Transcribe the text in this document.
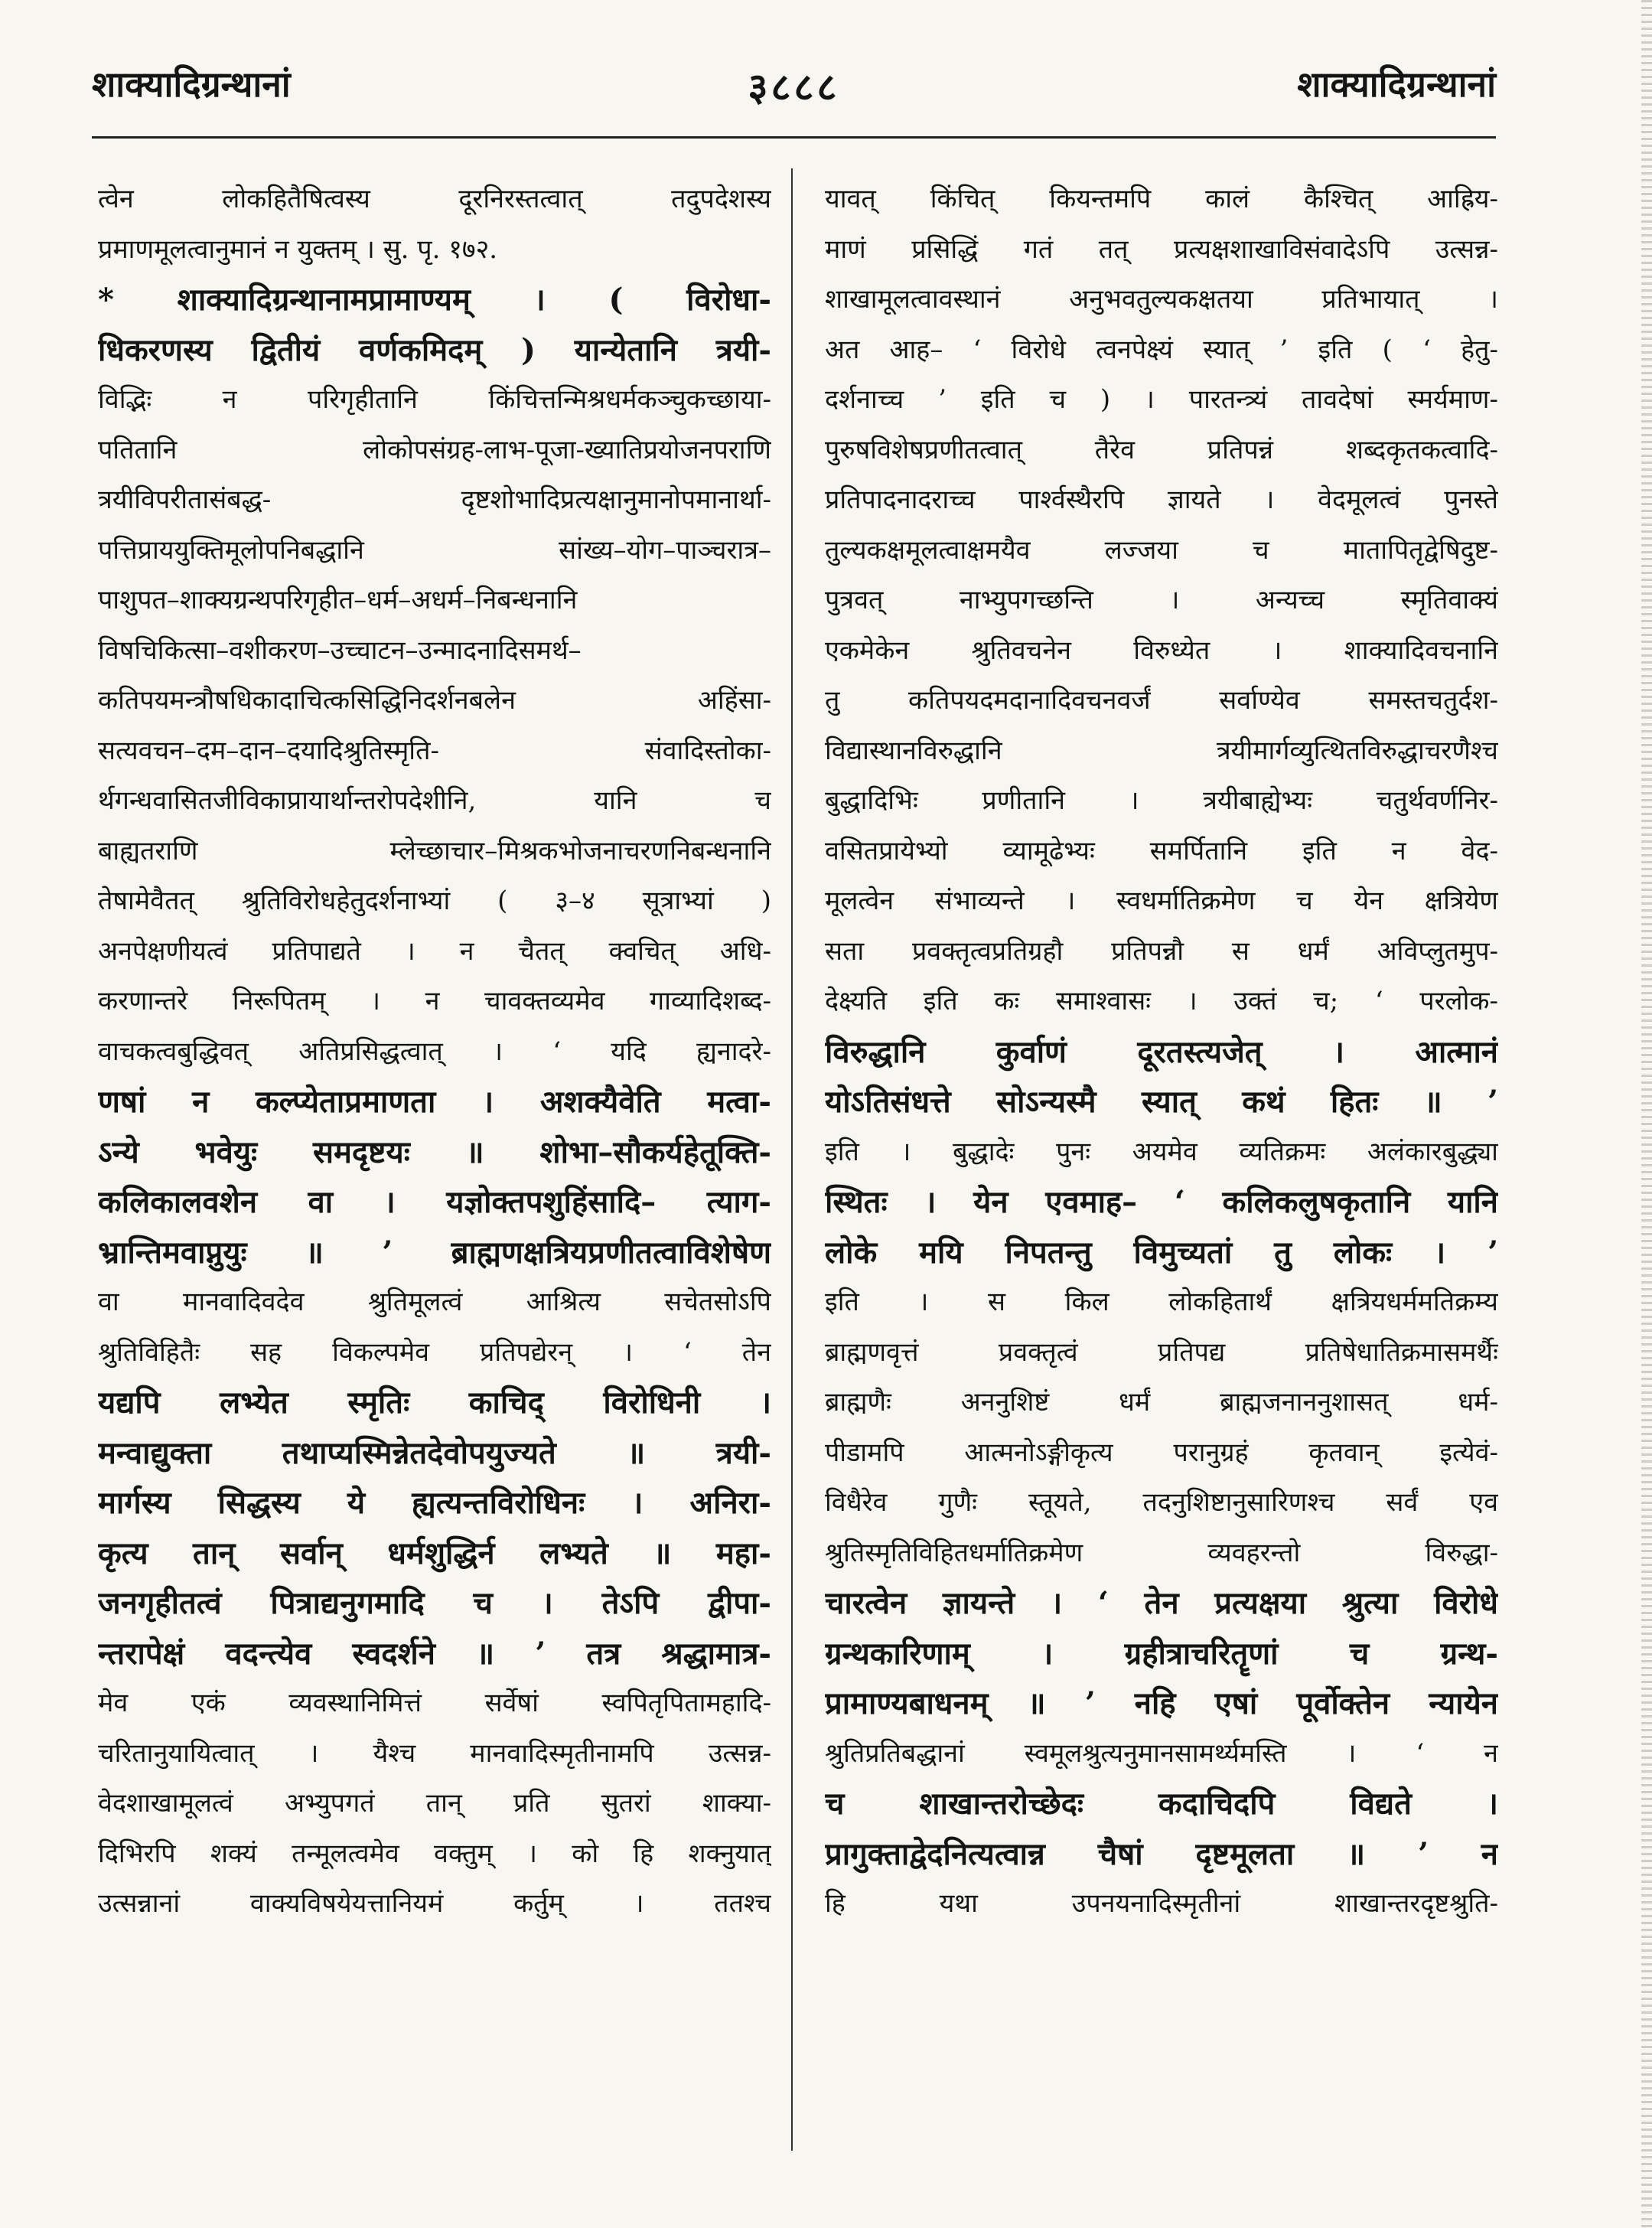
शाक्यादिग्रन्थानां	३८८८	शाक्यादिग्रन्थानां
त्वेन लोकहितैषित्वस्य दूरनिरस्तत्वात् तदुपदेशस्य
प्रमाणमूलत्वानुमानं न युक्तम् । सु. पृ. १७२.
* शाक्यादिग्रन्थानामप्रामाण्यम् । ( विरोधा-
धिकरणस्य द्वितीयं वर्णकमिदम् ) यान्येतानि त्रयी-
विद्भिः न परिगृहीतानि किंचित्तन्मिश्रधर्मकञ्चुकच्छाया-
पतितानि लोकोपसंग्रह-लाभ-पूजा-ख्यातिप्रयोजनपराणि
त्रयीविपरीतासंबद्ध- दृष्टशोभादिप्रत्यक्षानुमानोपमानार्था-
पत्तिप्राययुक्तिमूलोपनिबद्धानि सांख्य–योग–पाञ्चरात्र–
पाशुपत–शाक्यग्रन्थपरिगृहीत–धर्म–अधर्म–निबन्धनानि
विषचिकित्सा–वशीकरण–उच्चाटन–उन्मादनादिसमर्थ–
कतिपयमन्त्रौषधिकादाचित्कसिद्धिनिदर्शनबलेन अहिंसा-
सत्यवचन–दम–दान–दयादिश्रुतिस्मृति- संवादिस्तोका-
र्थगन्धवासितजीविकाप्रायार्थान्तरोपदेशीनि, यानि च
बाह्यतराणि म्लेच्छाचार–मिश्रकभोजनाचरणनिबन्धनानि
तेषामेवैतत् श्रुतिविरोधहेतुदर्शनाभ्यां ( ३–४ सूत्राभ्यां )
अनपेक्षणीयत्वं प्रतिपाद्यते । न चैतत् क्वचित् अधि-
करणान्तरे निरूपितम् । न चावक्तव्यमेव गाव्यादिशब्द-
वाचकत्वबुद्धिवत् अतिप्रसिद्धत्वात् । ‘ यदि ह्यनादरे-
णषां न कल्प्येताप्रमाणता । अशक्यैवेति मत्वा-
ऽन्ये भवेयुः समदृष्टयः ॥ शोभा–सौकर्यहेतूक्ति-
कलिकालवशेन वा । यज्ञोक्तपशुहिंसादि– त्याग-
भ्रान्तिमवाप्नुयुः ॥ ’ ब्राह्मणक्षत्रियप्रणीतत्वाविशेषेण
वा मानवादिवदेव श्रुतिमूलत्वं आश्रित्य सचेतसोऽपि
श्रुतिविहितैः सह विकल्पमेव प्रतिपद्येरन् । ‘ तेन
यद्यपि लभ्येत स्मृतिः काचिद् विरोधिनी ।
मन्वाद्युक्ता तथाप्यस्मिन्नेतदेवोपयुज्यते ॥ त्रयी-
मार्गस्य सिद्धस्य ये ह्यत्यन्तविरोधिनः । अनिरा-
कृत्य तान् सर्वान् धर्मशुद्धिर्न लभ्यते ॥ महा-
जनगृहीतत्वं पित्राद्यनुगमादि च । तेऽपि द्वीपा-
न्तरापेक्षं वदन्त्येव स्वदर्शने ॥ ’ तत्र श्रद्धामात्र-
मेव एकं व्यवस्थानिमित्तं सर्वेषां स्वपितृपितामहादि-
चरितानुयायित्वात् । यैश्च मानवादिस्मृतीनामपि उत्सन्न-
वेदशाखामूलत्वं अभ्युपगतं तान् प्रति सुतरां शाक्या-
दिभिरपि शक्यं तन्मूलत्वमेव वक्तुम् । को हि शक्नुयात्
उत्सन्नानां वाक्यविषयेयत्तानियमं कर्तुम् । ततश्च
यावत् किंचित् कियन्तमपि कालं कैश्चित् आह्रिय-
माणं प्रसिद्धिं गतं तत् प्रत्यक्षशाखाविसंवादेऽपि उत्सन्न-
शाखामूलत्वावस्थानं अनुभवतुल्यकक्षतया प्रतिभायात् ।
अत आह– ‘ विरोधे त्वनपेक्ष्यं स्यात् ’ इति ( ‘ हेतु-
दर्शनाच्च ’ इति च ) । पारतन्त्र्यं तावदेषां स्मर्यमाण-
पुरुषविशेषप्रणीतत्वात् तैरेव प्रतिपन्नं शब्दकृतकत्वादि-
प्रतिपादनादराच्च पार्श्वस्थैरपि ज्ञायते । वेदमूलत्वं पुनस्ते
तुल्यकक्षमूलत्वाक्षमयैव लज्जया च मातापितृद्वेषिदुष्ट-
पुत्रवत् नाभ्युपगच्छन्ति । अन्यच्च स्मृतिवाक्यं
एकमेकेन श्रुतिवचनेन विरुध्येत । शाक्यादिवचनानि
तु कतिपयदमदानादिवचनवर्जं सर्वाण्येव समस्तचतुर्दश-
विद्यास्थानविरुद्धानि त्रयीमार्गव्युत्थितविरुद्धाचरणैश्च
बुद्धादिभिः प्रणीतानि । त्रयीबाह्येभ्यः चतुर्थवर्णनिर-
वसितप्रायेभ्यो व्यामूढेभ्यः समर्पितानि इति न वेद-
मूलत्वेन संभाव्यन्ते । स्वधर्मातिक्रमेण च येन क्षत्रियेण
सता प्रवक्तृत्वप्रतिग्रहौ प्रतिपन्नौ स धर्मं अविप्लुतमुप-
देक्ष्यति इति कः समाश्वासः । उक्तं च; ‘ परलोक-
विरुद्धानि कुर्वाणं दूरतस्त्यजेत् । आत्मानं
योऽतिसंधत्ते सोऽन्यस्मै स्यात् कथं हितः ॥ ’
इति । बुद्धादेः पुनः अयमेव व्यतिक्रमः अलंकारबुद्ध्या
स्थितः । येन एवमाह– ‘ कलिकलुषकृतानि यानि
लोके मयि निपतन्तु विमुच्यतां तु लोकः । ’
इति । स किल लोकहितार्थं क्षत्रियधर्ममतिक्रम्य
ब्राह्मणवृत्तं प्रवक्तृत्वं प्रतिपद्य प्रतिषेधातिक्रमासमर्थैः
ब्राह्मणैः अननुशिष्टं धर्मं ब्राह्मजनाननुशासत् धर्म-
पीडामपि आत्मनोऽङ्गीकृत्य परानुग्रहं कृतवान् इत्येवं-
विधैरेव गुणैः स्तूयते, तदनुशिष्टानुसारिणश्च सर्वं एव
श्रुतिस्मृतिविहितधर्मातिक्रमेण व्यवहरन्तो विरुद्धा-
चारत्वेन ज्ञायन्ते । ‘ तेन प्रत्यक्षया श्रुत्या विरोधे
ग्रन्थकारिणाम् । ग्रहीत्राचरितॄणां च ग्रन्थ-
प्रामाण्यबाधनम् ॥ ’ नहि एषां पूर्वोक्तेन न्यायेन
श्रुतिप्रतिबद्धानां स्वमूलश्रुत्यनुमानसामर्थ्यमस्ति । ‘ न
च शाखान्तरोच्छेदः कदाचिदपि विद्यते ।
प्रागुक्ताद्वेदनित्यत्वान्न चैषां दृष्टमूलता ॥ ’ न
हि यथा उपनयनादिस्मृतीनां शाखान्तरदृष्टश्रुति-
